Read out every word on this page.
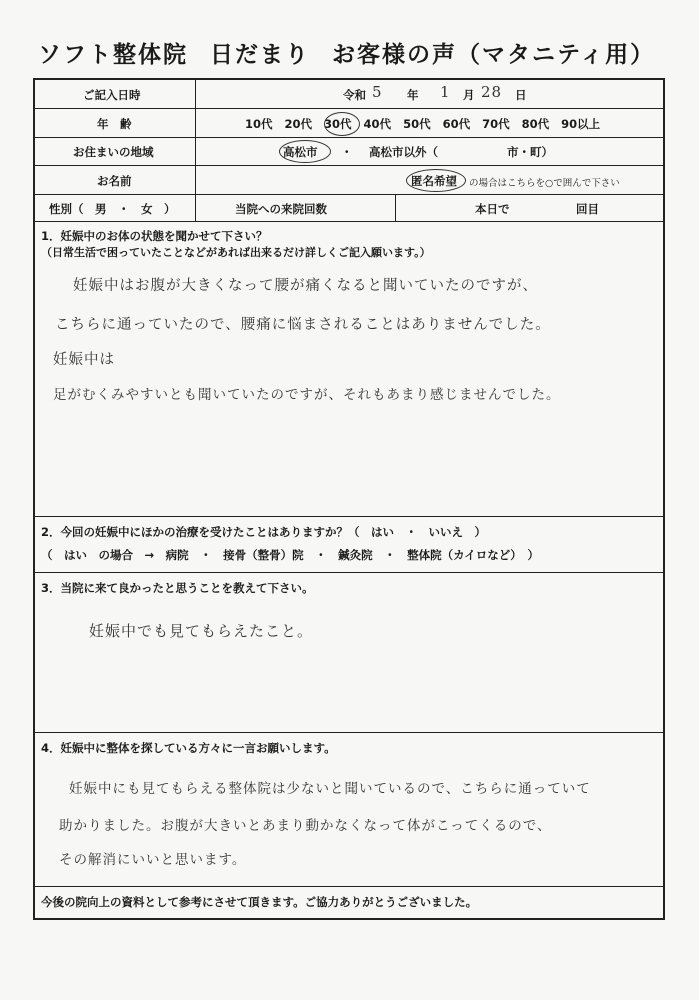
ソフト整体院 日だまり お客様の声（マタニティ用）
ご記入日時	令和 5 年 1 月 28 日
年　齢	10代 20代 30代 40代 50代 60代 70代 80代 90以上
お住まいの地域	高松市 ・ 高松市以外（	市・町）
お名前	匿名希望 の場合はこちらを○で囲んで下さい
性別（　男　・　女　）	当院への来院回数	本日で	回目
1．妊娠中のお体の状態を聞かせて下さい？
（日常生活で困っていたことなどがあれば出来るだけ詳しくご記入願います。）
妊娠中はお腹が大きくなって腰が痛くなると聞いていたのですが、
こちらに通っていたので、腰痛に悩まされることはありませんでした。
妊娠中は
足がむくみやすいとも聞いていたのですが、それもあまり感じませんでした。
2．今回の妊娠中にほかの治療を受けたことはありますか？（　はい　・　いいえ　）
（　はい　の場合　→　病院　・　接骨（整骨）院　・　鍼灸院　・　整体院（カイロなど）　）
3．当院に来て良かったと思うことを教えて下さい。
妊娠中でも見てもらえたこと。
4．妊娠中に整体を探している方々に一言お願いします。
妊娠中にも見てもらえる整体院は少ないと聞いているので、こちらに通っていて
助かりました。お腹が大きいとあまり動かなくなって体がこってくるので、
その解消にいいと思います。
今後の院向上の資料として参考にさせて頂きます。ご協力ありがとうございました。
